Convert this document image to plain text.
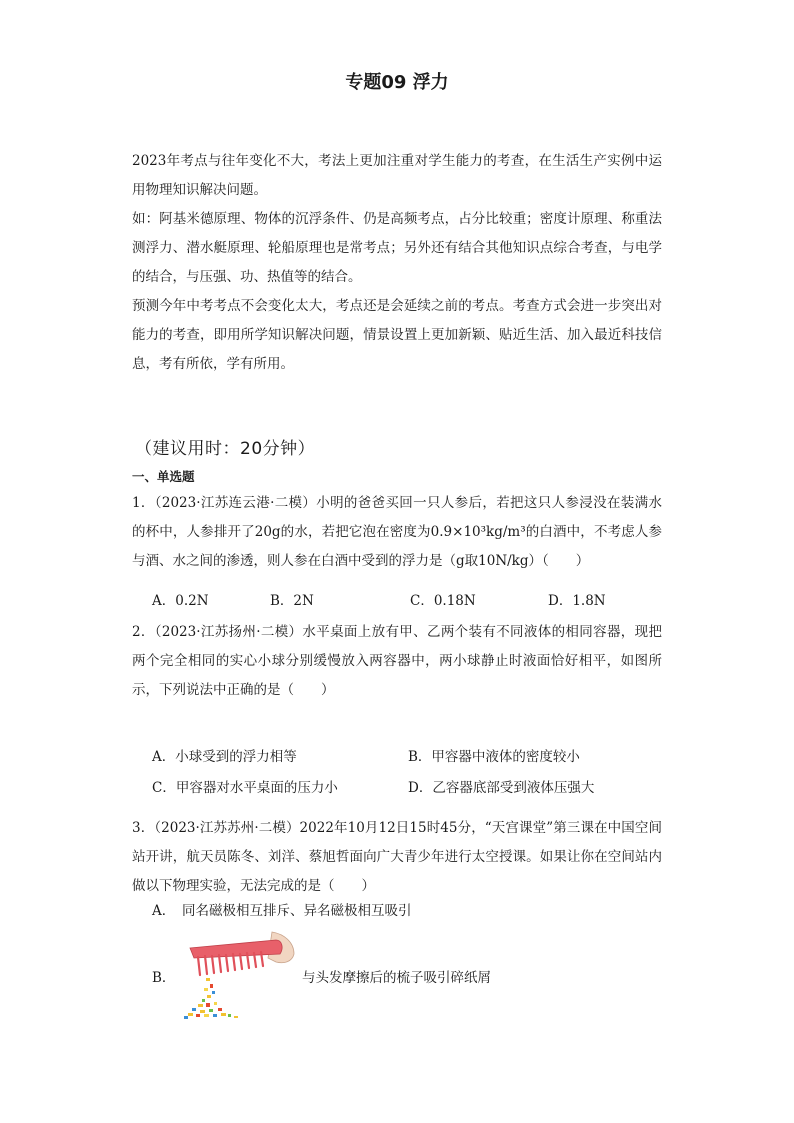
专题09 浮力

2023年考点与往年变化不大，考法上更加注重对学生能力的考查，在生活生产实例中运用物理知识解决问题。

如：阿基米德原理、物体的沉浮条件、仍是高频考点，占分比较重；密度计原理、称重法测浮力、潜水艇原理、轮船原理也是常考点；另外还有结合其他知识点综合考查，与电学的结合，与压强、功、热值等的结合。

预测今年中考考点不会变化太大，考点还是会延续之前的考点。考查方式会进一步突出对能力的考查，即用所学知识解决问题，情景设置上更加新颖、贴近生活、加入最近科技信息，考有所依，学有所用。

（建议用时：20分钟）
一、单选题

1．（2023·江苏连云港·二模）小明的爸爸买回一只人参后，若把这只人参浸没在装满水的杯中，人参排开了20g的水，若把它泡在密度为0.9×10³kg/m³的白酒中，不考虑人参与酒、水之间的渗透，则人参在白酒中受到的浮力是（g取10N/kg）（　　）

A．0.2N	B．2N	C．0.18N	D．1.8N

2．（2023·江苏扬州·二模）水平桌面上放有甲、乙两个装有不同液体的相同容器，现把两个完全相同的实心小球分别缓慢放入两容器中，两小球静止时液面恰好相平，如图所示，下列说法中正确的是（　　）

A．小球受到的浮力相等	B．甲容器中液体的密度较小
C．甲容器对水平桌面的压力小	D．乙容器底部受到液体压强大

3．（2023·江苏苏州·二模）2022年10月12日15时45分，“天宫课堂”第三课在中国空间站开讲，航天员陈冬、刘洋、蔡旭哲面向广大青少年进行太空授课。如果让你在空间站内做以下物理实验，无法完成的是（　　）

A．　同名磁极相互排斥、异名磁极相互吸引
B．	与头发摩擦后的梳子吸引碎纸屑
